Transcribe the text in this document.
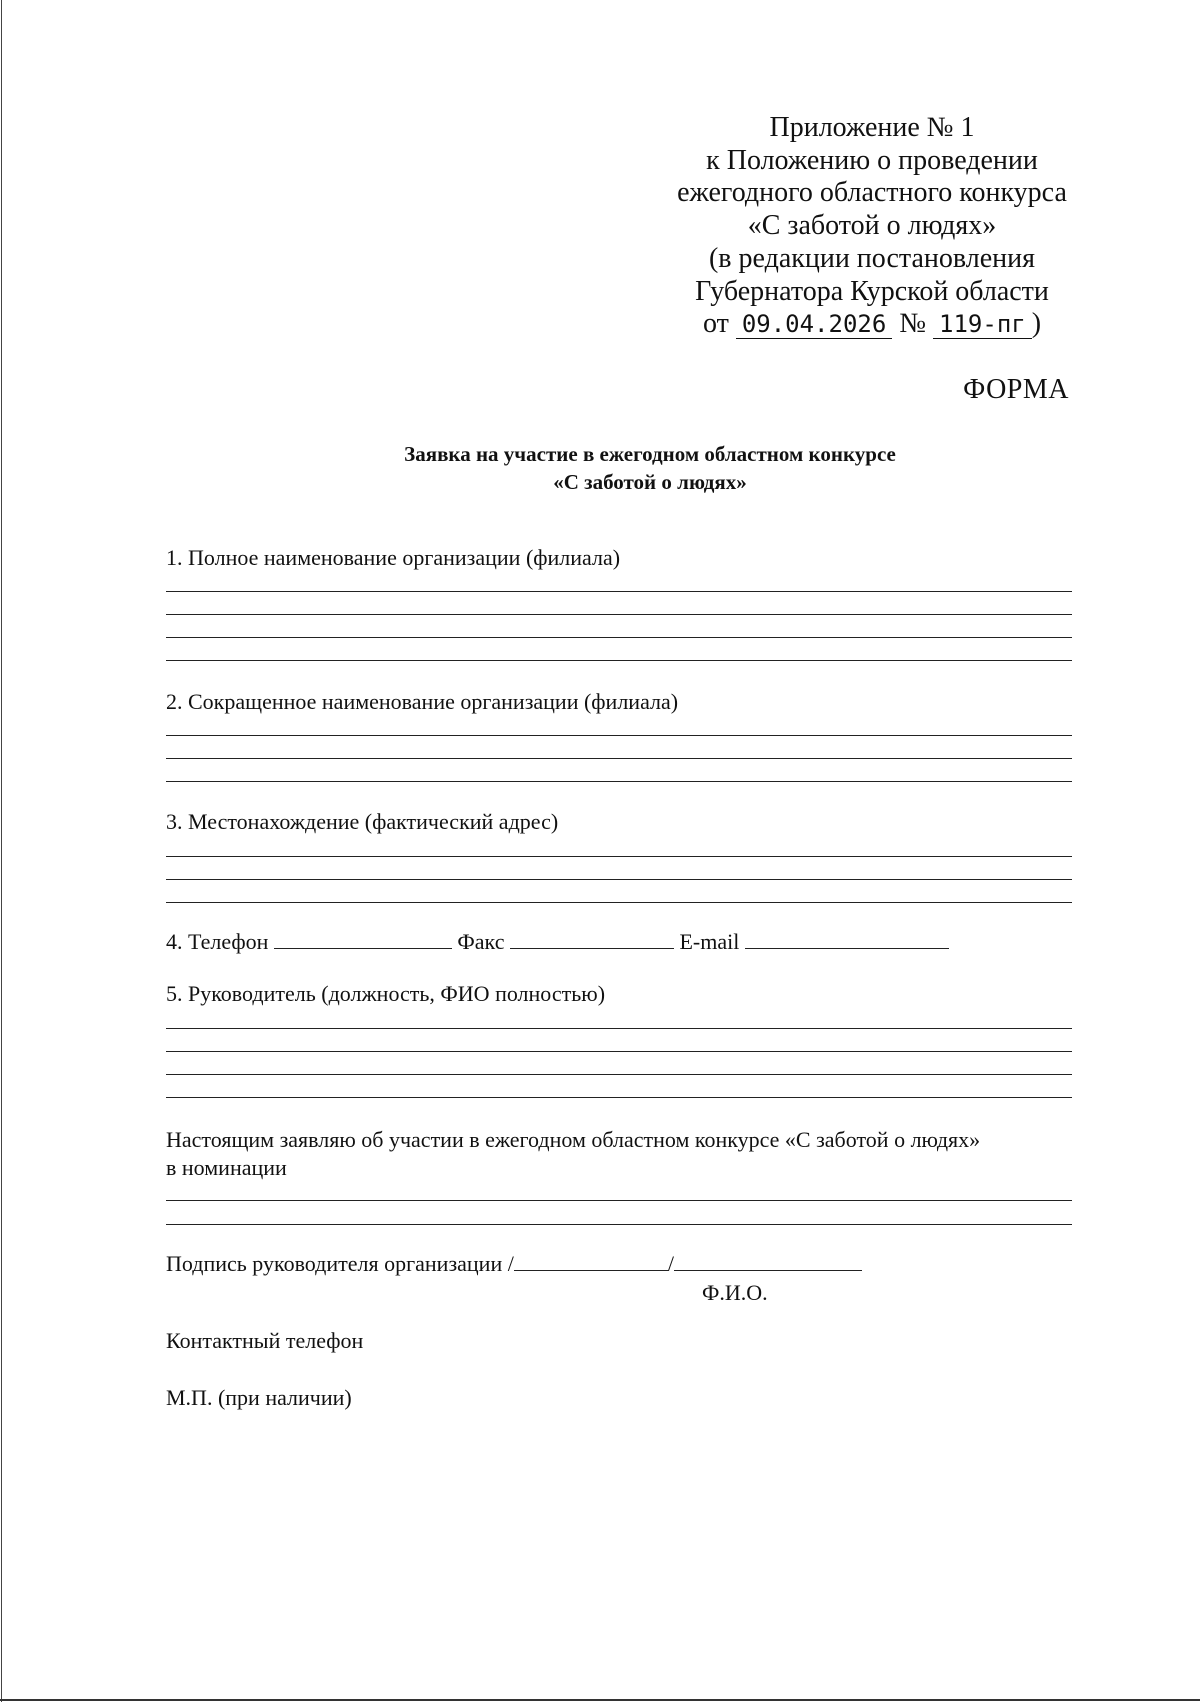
Приложение № 1
к Положению о проведении
ежегодного областного конкурса
«С заботой о людях»
(в редакции постановления
Губернатора Курской области
от 09.04.2026 № 119-пг )
ФОРМА
Заявка на участие в ежегодном областном конкурсе
«С заботой о людях»
1. Полное наименование организации (филиала)
2. Сокращенное наименование организации (филиала)
3. Местонахождение (фактический адрес)
4. Телефон	Факс	E-mail
5. Руководитель (должность, ФИО полностью)
Настоящим заявляю об участии в ежегодном областном конкурсе «С заботой о людях»
в номинации
Подпись руководителя организации /	/
Ф.И.О.
Контактный телефон
М.П. (при наличии)
